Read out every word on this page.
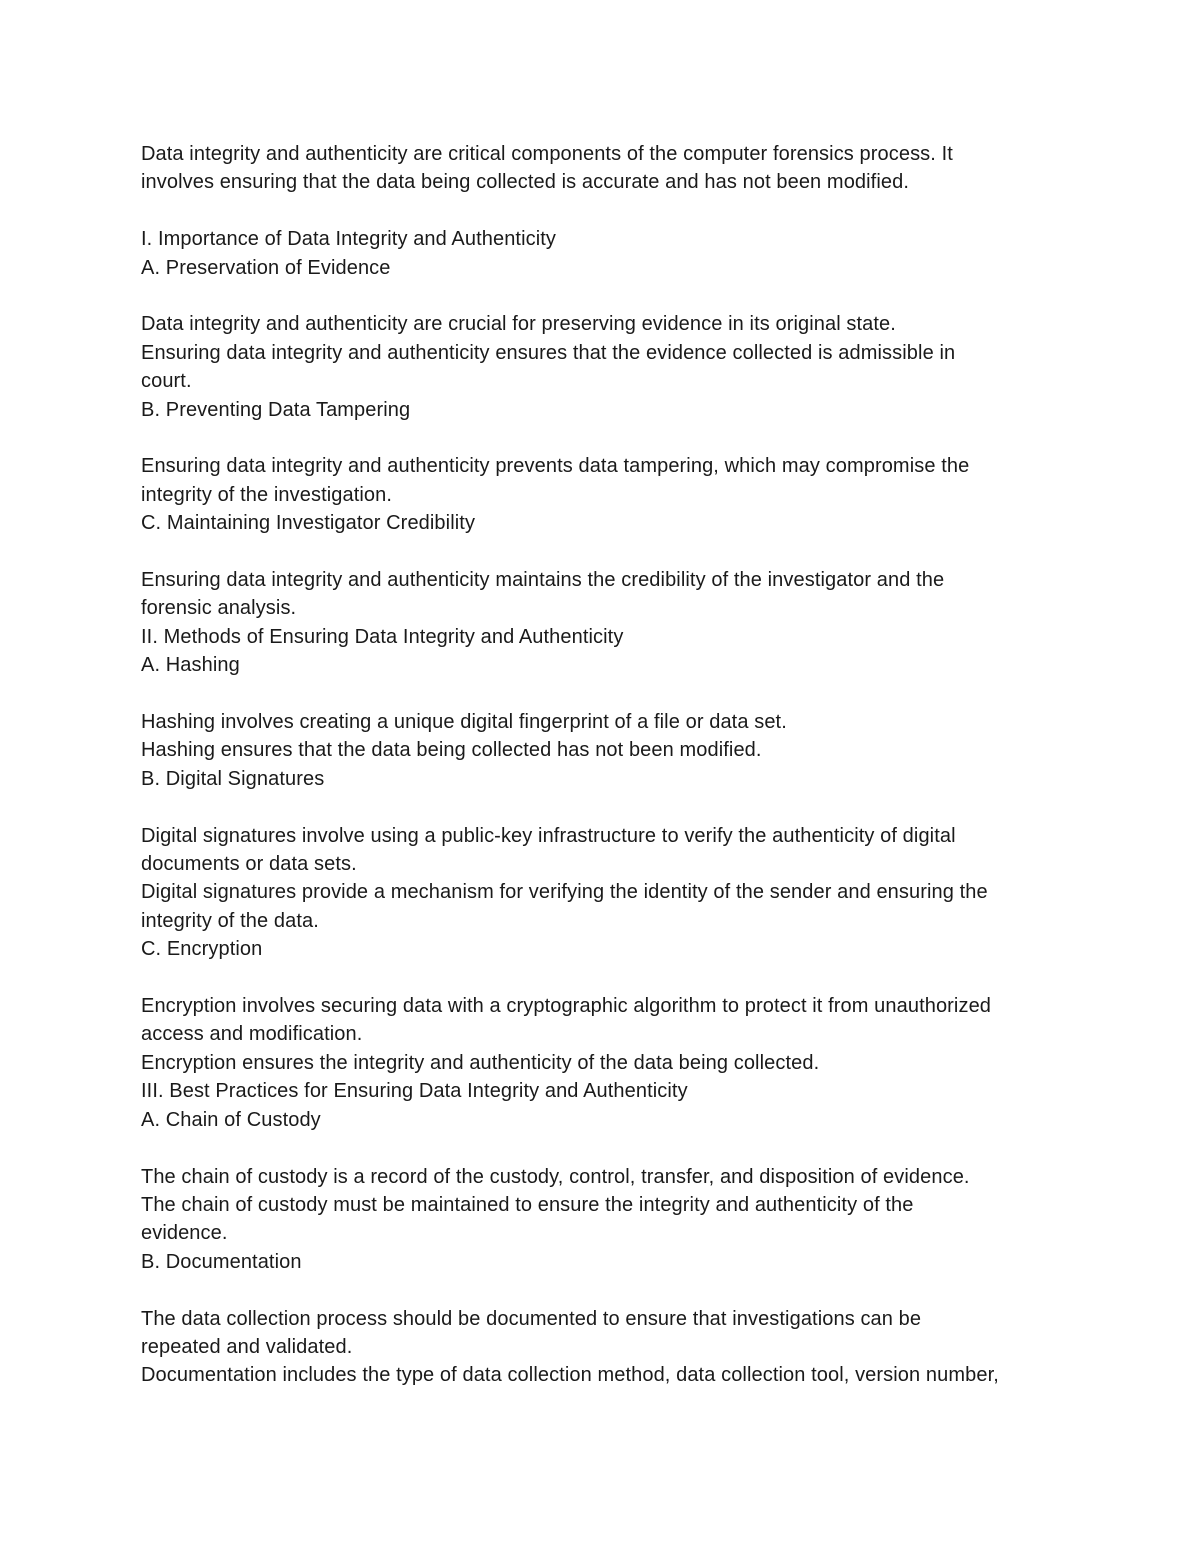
Data integrity and authenticity are critical components of the computer forensics process. It
involves ensuring that the data being collected is accurate and has not been modified.
I. Importance of Data Integrity and Authenticity
A. Preservation of Evidence
Data integrity and authenticity are crucial for preserving evidence in its original state.
Ensuring data integrity and authenticity ensures that the evidence collected is admissible in
court.
B. Preventing Data Tampering
Ensuring data integrity and authenticity prevents data tampering, which may compromise the
integrity of the investigation.
C. Maintaining Investigator Credibility
Ensuring data integrity and authenticity maintains the credibility of the investigator and the
forensic analysis.
II. Methods of Ensuring Data Integrity and Authenticity
A. Hashing
Hashing involves creating a unique digital fingerprint of a file or data set.
Hashing ensures that the data being collected has not been modified.
B. Digital Signatures
Digital signatures involve using a public-key infrastructure to verify the authenticity of digital
documents or data sets.
Digital signatures provide a mechanism for verifying the identity of the sender and ensuring the
integrity of the data.
C. Encryption
Encryption involves securing data with a cryptographic algorithm to protect it from unauthorized
access and modification.
Encryption ensures the integrity and authenticity of the data being collected.
III. Best Practices for Ensuring Data Integrity and Authenticity
A. Chain of Custody
The chain of custody is a record of the custody, control, transfer, and disposition of evidence.
The chain of custody must be maintained to ensure the integrity and authenticity of the
evidence.
B. Documentation
The data collection process should be documented to ensure that investigations can be
repeated and validated.
Documentation includes the type of data collection method, data collection tool, version number,
